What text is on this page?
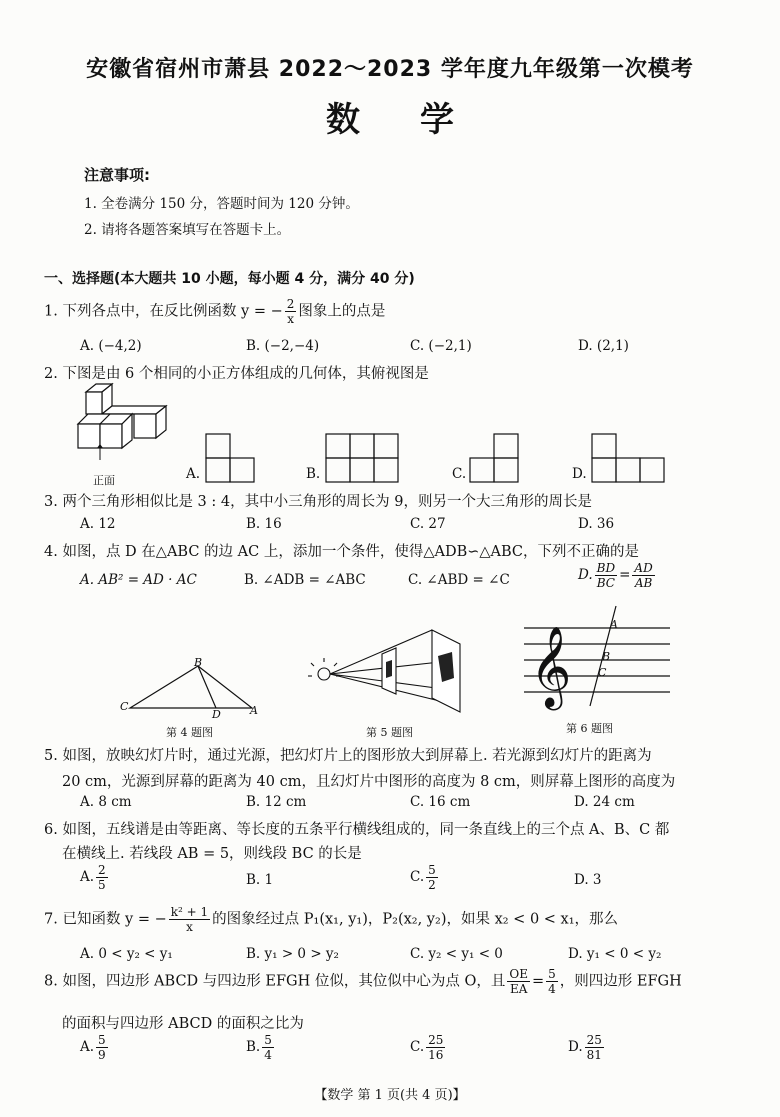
安徽省宿州市萧县 2022～2023 学年度九年级第一次模考
数学
注意事项:
1. 全卷满分 150 分，答题时间为 120 分钟。
2. 请将各题答案填写在答题卡上。
一、选择题(本大题共 10 小题，每小题 4 分，满分 40 分)
1. 下列各点中，在反比例函数 y = − $\frac{2}{x}$ 图象上的点是
A. (−4,2)	B. (−2,−4)	C. (−2,1)	D. (2,1)
2. 下图是由 6 个相同的小正方体组成的几何体，其俯视图是
正面	A.	B.	C.	D.
3. 两个三角形相似比是 3 : 4，其中小三角形的周长为 9，则另一个大三角形的周长是
A. 12	B. 16	C. 27	D. 36
4. 如图，点 D 在△ABC 的边 AC 上，添加一个条件，使得△ADB∽△ABC，下列不正确的是
A. AB² = AD · AC	B. ∠ADB = ∠ABC	C. ∠ABD = ∠C	D. $\frac{BD}{BC} = \frac{AD}{AB}$
B
C
D	A
第 4 题图	第 5 题图
𝄞
A
B
C
第 6 题图
5. 如图，放映幻灯片时，通过光源，把幻灯片上的图形放大到屏幕上. 若光源到幻灯片的距离为
20 cm，光源到屏幕的距离为 40 cm，且幻灯片中图形的高度为 8 cm，则屏幕上图形的高度为
A. 8 cm	B. 12 cm	C. 16 cm	D. 24 cm
6. 如图，五线谱是由等距离、等长度的五条平行横线组成的，同一条直线上的三个点 A、B、C 都
在横线上. 若线段 AB = 5，则线段 BC 的长是
A. $\frac{2}{5}$	B. 1	C. $\frac{5}{2}$	D. 3
7. 已知函数 y = − $\frac{\text{k² + 1}}{x}$ 的图象经过点 P₁(x₁, y₁)，P₂(x₂, y₂)，如果 x₂ < 0 < x₁，那么
A. 0 < y₂ < y₁	B. y₁ > 0 > y₂	C. y₂ < y₁ < 0	D. y₁ < 0 < y₂
8. 如图，四边形 ABCD 与四边形 EFGH 位似，其位似中心为点 O，且 $\frac{OE}{EA} = \frac{5}{4}$ ，则四边形 EFGH
的面积与四边形 ABCD 的面积之比为
A. $\frac{5}{9}$	B. $\frac{5}{4}$	C. $\frac{25}{16}$	D. $\frac{25}{81}$
【数学 第 1 页(共 4 页)】
